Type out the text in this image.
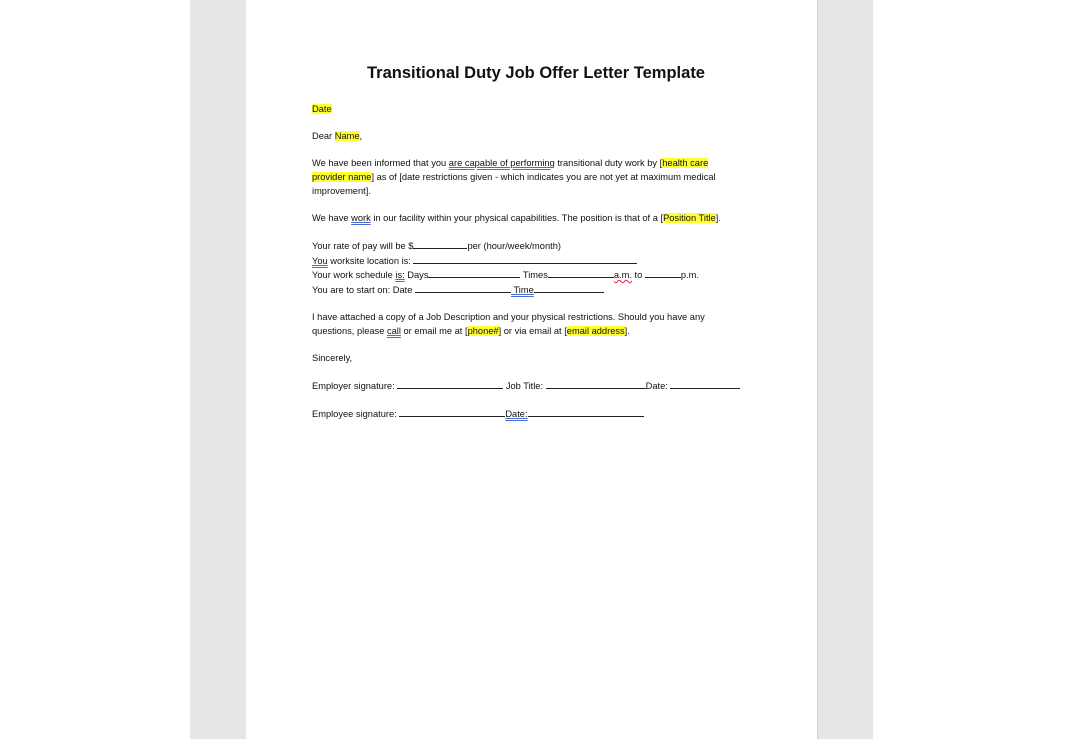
Transitional Duty Job Offer Letter Template

Date

Dear Name,

We have been informed that you are capable of performing transitional duty work by [health care

provider name] as of [date restrictions given - which indicates you are not yet at maximum medical

improvement].

We have work in our facility within your physical capabilities. The position is that of a [Position Title].

Your rate of pay will be $	per (hour/week/month)

You worksite location is:

Your work schedule is: Days	Times	a.m. to	p.m.

You are to start on: Date	Time

I have attached a copy of a Job Description and your physical restrictions. Should you have any

questions, please call or email me at [phone#] or via email at [email address].

Sincerely,

Employer signature:	Job Title:	Date:

Employee signature:	Date:
